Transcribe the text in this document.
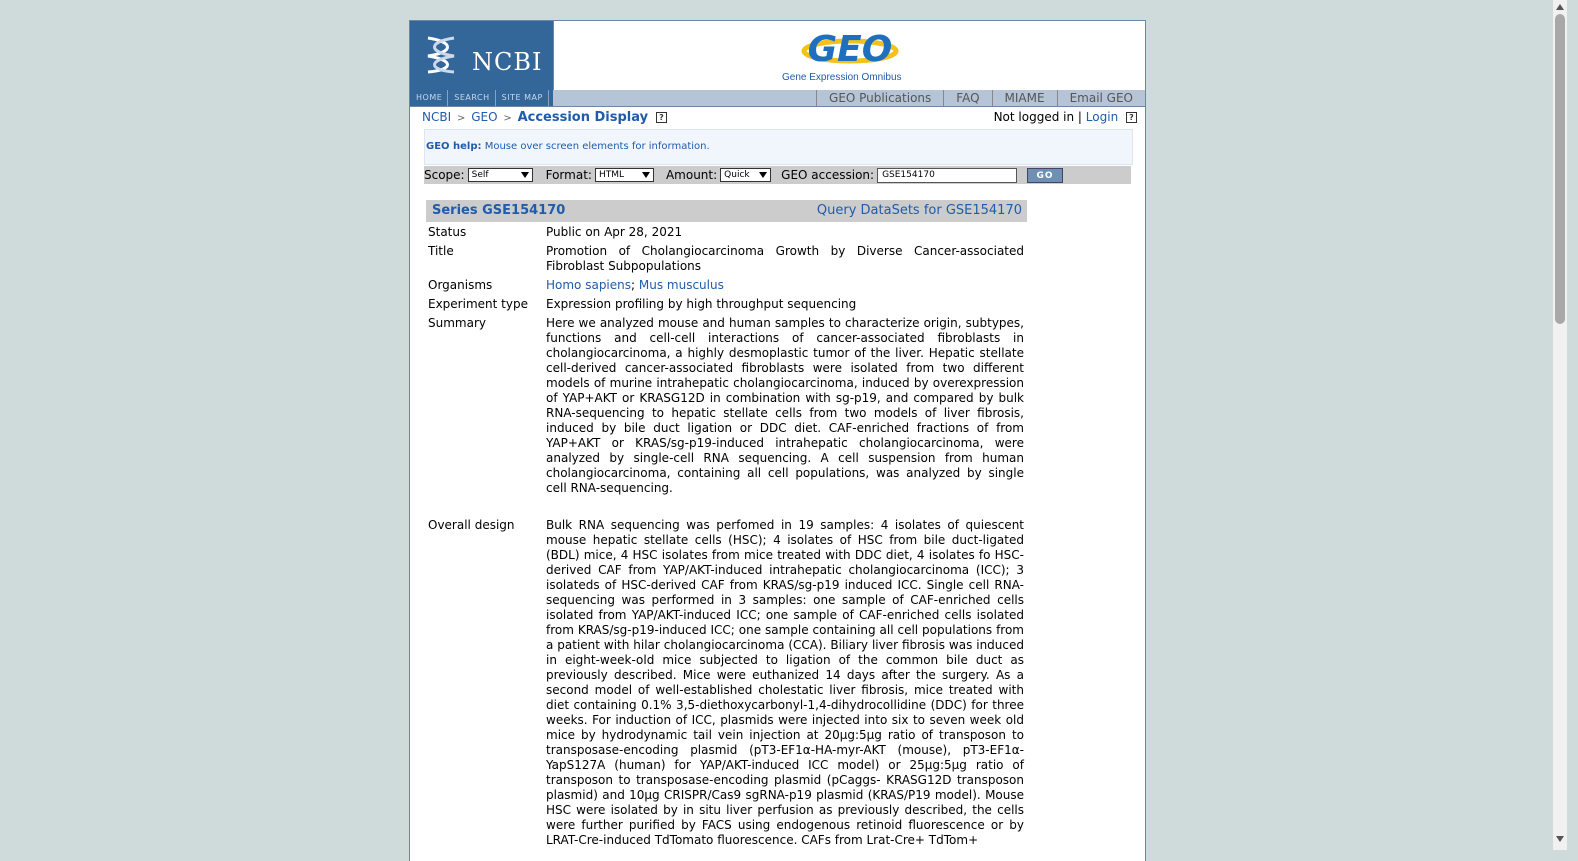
NCBI	GEO
Gene Expression Omnibus
HOME	SEARCH	SITE MAP	GEO Publications	FAQ	MIAME	Email GEO
NCBI > GEO > Accession Display ?	Not logged in | Login ?
GEO help: Mouse over screen elements for information.
Scope: Self	Format: HTML	Amount: Quick	GEO accession: GSE154170	GO
Series GSE154170	Query DataSets for GSE154170
Status	Public on Apr 28, 2021
Title	Promotion of Cholangiocarcinoma Growth by Diverse Cancer-associated Fibroblast Subpopulations
Organisms	Homo sapiens; Mus musculus
Experiment type	Expression profiling by high throughput sequencing
Summary	Here we analyzed mouse and human samples to characterize origin, subtypes, functions and cell-cell interactions of cancer-associated fibroblasts in cholangiocarcinoma, a highly desmoplastic tumor of the liver. Hepatic stellate cell-derived cancer-associated fibroblasts were isolated from two different models of murine intrahepatic cholangiocarcinoma, induced by overexpression of YAP+AKT or KRASG12D in combination with sg-p19, and compared by bulk RNA-sequencing to hepatic stellate cells from two models of liver fibrosis, induced by bile duct ligation or DDC diet. CAF-enriched fractions of from YAP+AKT or KRAS/sg-p19-induced intrahepatic cholangiocarcinoma, were analyzed by single-cell RNA sequencing. A cell suspension from human cholangiocarcinoma, containing all cell populations, was analyzed by single cell RNA-sequencing.
Overall design	Bulk RNA sequencing was perfomed in 19 samples: 4 isolates of quiescent mouse hepatic stellate cells (HSC); 4 isolates of HSC from bile duct-ligated (BDL) mice, 4 HSC isolates from mice treated with DDC diet, 4 isolates fo HSC-derived CAF from YAP/AKT-induced intrahepatic cholangiocarcinoma (ICC); 3 isolateds of HSC-derived CAF from KRAS/sg-p19 induced ICC. Single cell RNA-sequencing was performed in 3 samples: one sample of CAF-enriched cells isolated from YAP/AKT-induced ICC; one sample of CAF-enriched cells isolated from KRAS/sg-p19-induced ICC; one sample containing all cell populations from a patient with hilar cholangiocarcinoma (CCA). Biliary liver fibrosis was induced in eight-week-old mice subjected to ligation of the common bile duct as previously described. Mice were euthanized 14 days after the surgery. As a second model of well-established cholestatic liver fibrosis, mice treated with diet containing 0.1% 3,5-diethoxycarbonyl-1,4-dihydrocollidine (DDC) for three weeks. For induction of ICC, plasmids were injected into six to seven week old mice by hydrodynamic tail vein injection at 20μg:5μg ratio of transposon to transposase-encoding plasmid (pT3-EF1α-HA-myr-AKT (mouse), pT3-EF1α-YapS127A (human) for YAP/AKT-induced ICC model) or 25μg:5μg ratio of transposon to transposase-encoding plasmid (pCaggs- KRASG12D transposon plasmid) and 10μg CRISPR/Cas9 sgRNA-p19 plasmid (KRAS/P19 model). Mouse HSC were isolated by in situ liver perfusion as previously described, the cells were further purified by FACS using endogenous retinoid fluorescence or by LRAT-Cre-induced TdTomato fluorescence. CAFs from Lrat-Cre+ TdTom+
